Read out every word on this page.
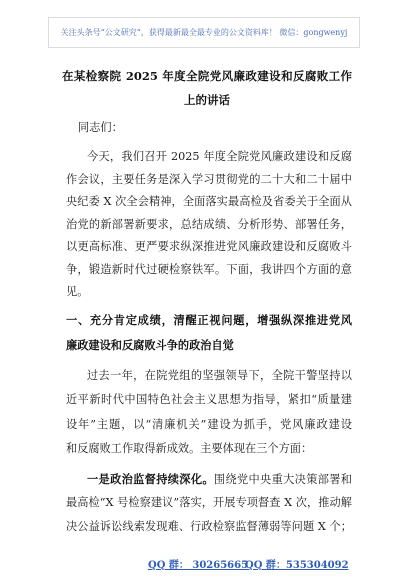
关注头条号“公文研究”，获得最新最全最专业的公文资料库！ 微信：gongwenyj
在某检察院 2025 年度全院党风廉政建设和反腐败工作
上的讲话
同志们：
今天，我们召开 2025 年度全院党风廉政建设和反腐
作会议，主要任务是深入学习贯彻党的二十大和二十届中
央纪委 X 次全会精神，全面落实最高检及省委关于全面从
治党的新部署新要求，总结成绩、分析形势、部署任务，
以更高标准、更严要求纵深推进党风廉政建设和反腐败斗
争，锻造新时代过硬检察铁军。下面，我讲四个方面的意
见。
一、充分肯定成绩，清醒正视问题，增强纵深推进党风
廉政建设和反腐败斗争的政治自觉
过去一年，在院党组的坚强领导下，全院干警坚持以
近平新时代中国特色社会主义思想为指导，紧扣“质量建
设年”主题，以“清廉机关”建设为抓手，党风廉政建设
和反腐败工作取得新成效。主要体现在三个方面：
一是政治监督持续深化。围绕党中央重大决策部署和
最高检“X 号检察建议”落实，开展专项督查 X 次，推动解
决公益诉讼线索发现难、行政检察监督薄弱等问题 X 个；
QQ 群： 30265665
QQ 群：535304092
